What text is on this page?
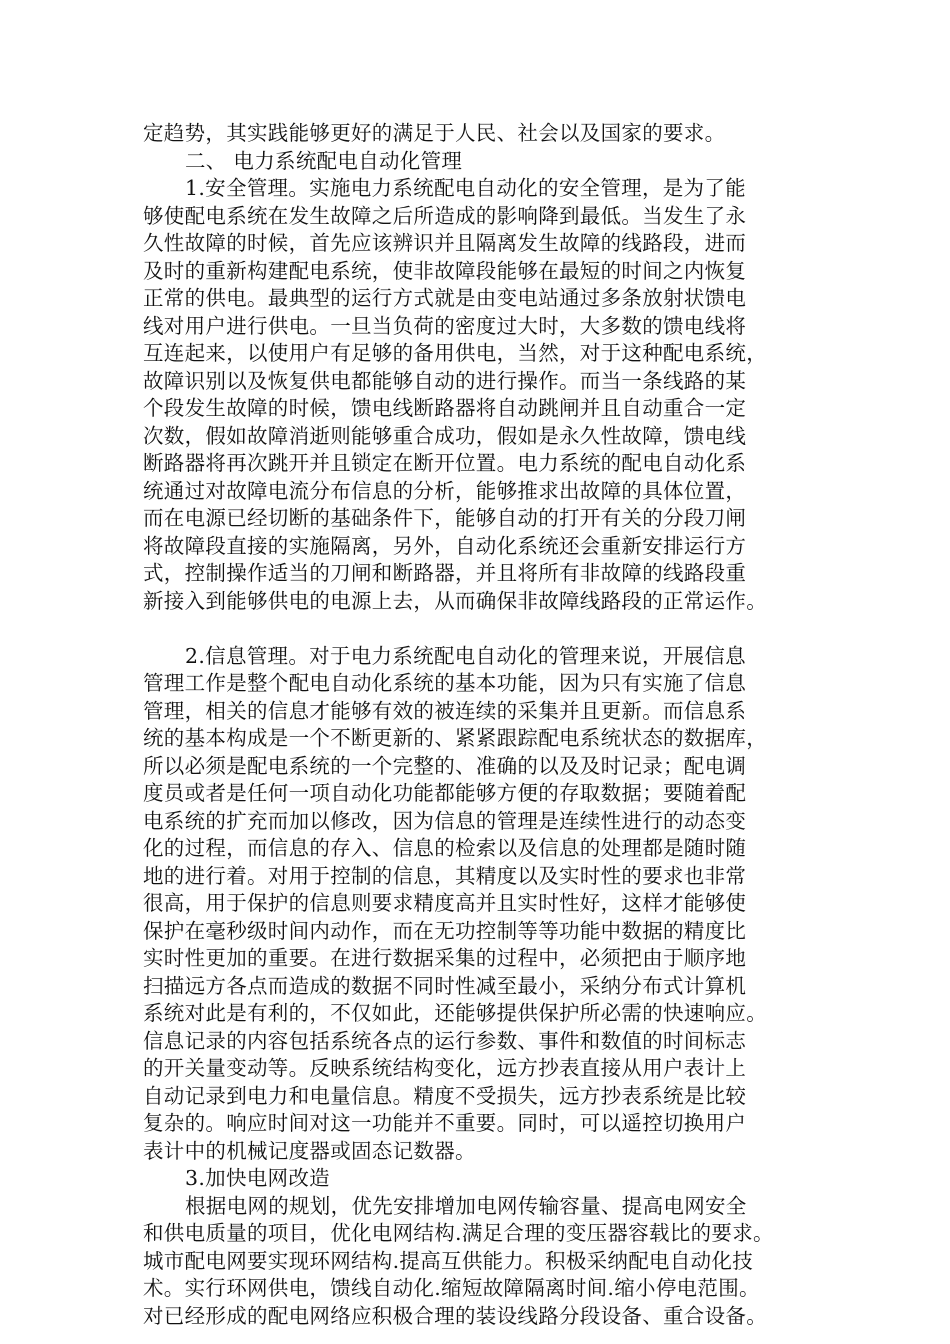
定趋势，其实践能够更好的满足于人民、社会以及国家的要求。
二、 电力系统配电自动化管理
1.安全管理。实施电力系统配电自动化的安全管理，是为了能
够使配电系统在发生故障之后所造成的影响降到最低。当发生了永
久性故障的时候，首先应该辨识并且隔离发生故障的线路段，进而
及时的重新构建配电系统，使非故障段能够在最短的时间之内恢复
正常的供电。最典型的运行方式就是由变电站通过多条放射状馈电
线对用户进行供电。一旦当负荷的密度过大时，大多数的馈电线将
互连起来，以使用户有足够的备用供电，当然，对于这种配电系统，
故障识别以及恢复供电都能够自动的进行操作。而当一条线路的某
个段发生故障的时候，馈电线断路器将自动跳闸并且自动重合一定
次数，假如故障消逝则能够重合成功，假如是永久性故障，馈电线
断路器将再次跳开并且锁定在断开位置。电力系统的配电自动化系
统通过对故障电流分布信息的分析，能够推求出故障的具体位置，
而在电源已经切断的基础条件下，能够自动的打开有关的分段刀闸
将故障段直接的实施隔离，另外，自动化系统还会重新安排运行方
式，控制操作适当的刀闸和断路器，并且将所有非故障的线路段重
新接入到能够供电的电源上去，从而确保非故障线路段的正常运作。
2.信息管理。对于电力系统配电自动化的管理来说，开展信息
管理工作是整个配电自动化系统的基本功能，因为只有实施了信息
管理，相关的信息才能够有效的被连续的采集并且更新。而信息系
统的基本构成是一个不断更新的、紧紧跟踪配电系统状态的数据库，
所以必须是配电系统的一个完整的、准确的以及及时记录；配电调
度员或者是任何一项自动化功能都能够方便的存取数据；要随着配
电系统的扩充而加以修改，因为信息的管理是连续性进行的动态变
化的过程，而信息的存入、信息的检索以及信息的处理都是随时随
地的进行着。对用于控制的信息，其精度以及实时性的要求也非常
很高，用于保护的信息则要求精度高并且实时性好，这样才能够使
保护在毫秒级时间内动作，而在无功控制等等功能中数据的精度比
实时性更加的重要。在进行数据采集的过程中，必须把由于顺序地
扫描远方各点而造成的数据不同时性减至最小，采纳分布式计算机
系统对此是有利的，不仅如此，还能够提供保护所必需的快速响应。
信息记录的内容包括系统各点的运行参数、事件和数值的时间标志
的开关量变动等。反映系统结构变化，远方抄表直接从用户表计上
自动记录到电力和电量信息。精度不受损失，远方抄表系统是比较
复杂的。响应时间对这一功能并不重要。同时，可以遥控切换用户
表计中的机械记度器或固态记数器。
3.加快电网改造
根据电网的规划，优先安排增加电网传输容量、提高电网安全
和供电质量的项目，优化电网结构.满足合理的变压器容载比的要求。
城市配电网要实现环网结构.提高互供能力。积极采纳配电自动化技
术。实行环网供电，馈线自动化.缩短故障隔离时间.缩小停电范围。
对已经形成的配电网络应积极合理的装设线路分段设备、重合设备。
